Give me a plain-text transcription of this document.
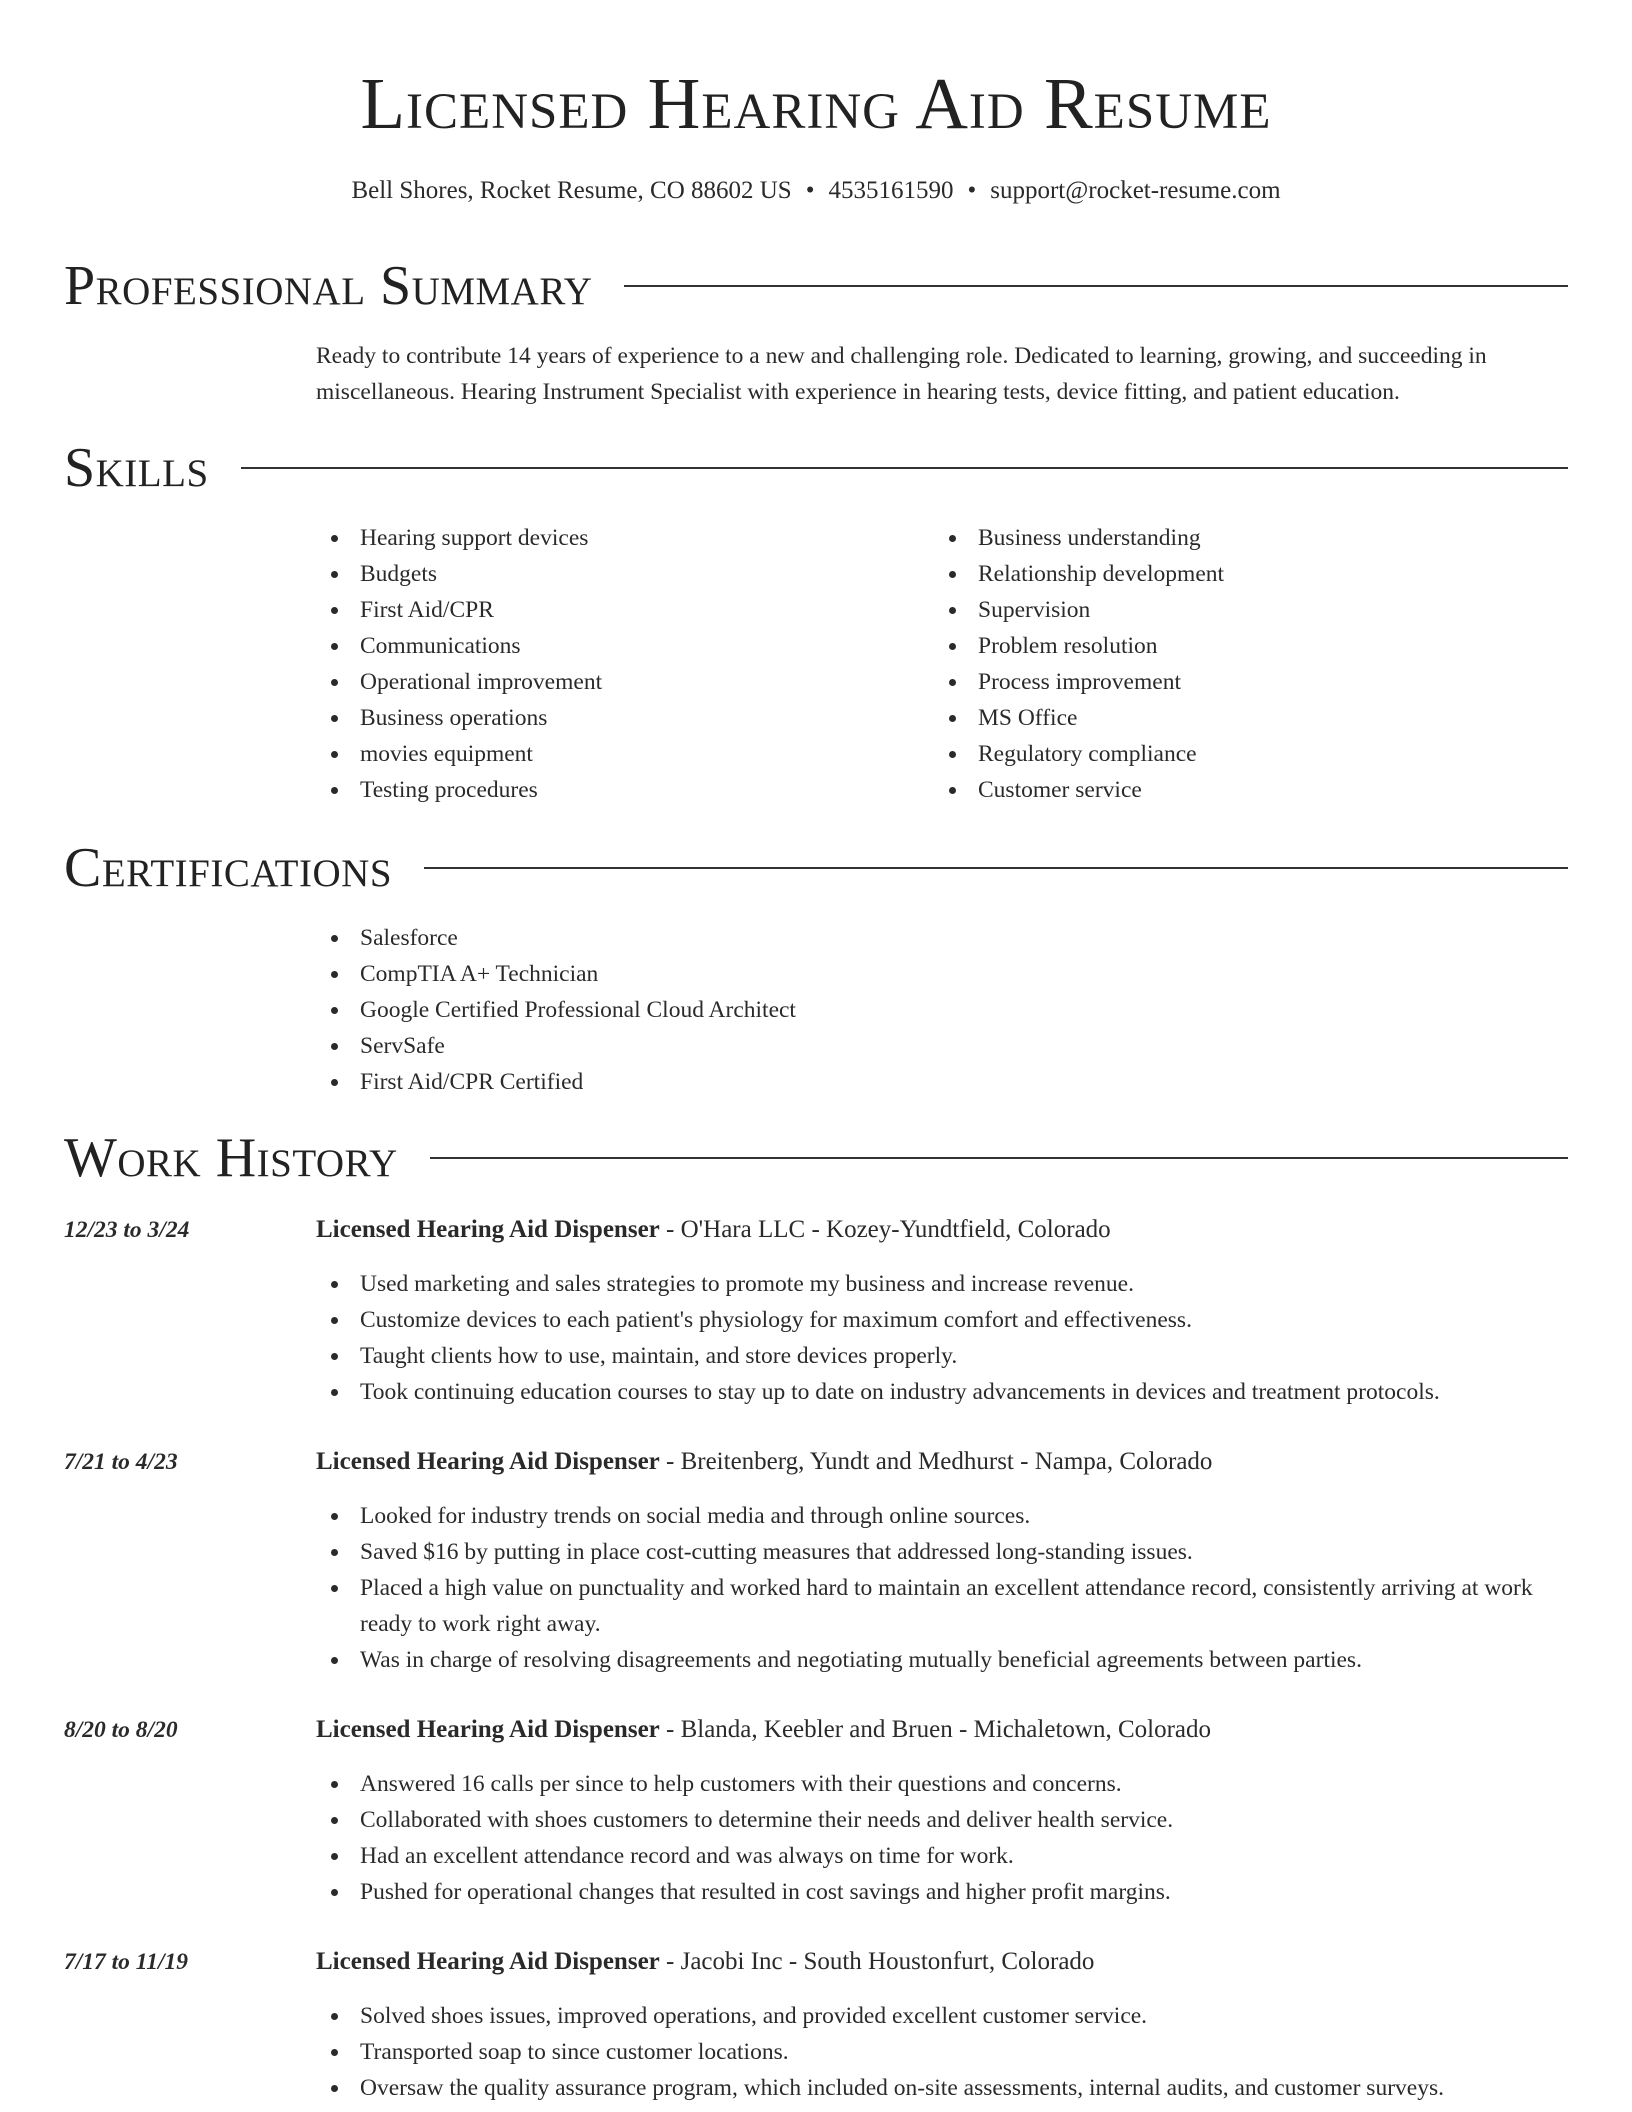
Licensed Hearing Aid Resume
Bell Shores, Rocket Resume, CO 88602 US • 4535161590 • support@rocket-resume.com
Professional Summary

Ready to contribute 14 years of experience to a new and challenging role. Dedicated to learning, growing, and succeeding in miscellaneous. Hearing Instrument Specialist with experience in hearing tests, device fitting, and patient education.

Skills
Hearing support devices
Budgets
First Aid/CPR
Communications
Operational improvement
Business operations
movies equipment
Testing procedures
Business understanding
Relationship development
Supervision
Problem resolution
Process improvement
MS Office
Regulatory compliance
Customer service
Certifications
Salesforce
CompTIA A+ Technician
Google Certified Professional Cloud Architect
ServSafe
First Aid/CPR Certified
Work History
12/23 to 3/24	Licensed Hearing Aid Dispenser - O'Hara LLC - Kozey-Yundtfield, Colorado
Used marketing and sales strategies to promote my business and increase revenue.
Customize devices to each patient's physiology for maximum comfort and effectiveness.
Taught clients how to use, maintain, and store devices properly.
Took continuing education courses to stay up to date on industry advancements in devices and treatment protocols.
7/21 to 4/23	Licensed Hearing Aid Dispenser - Breitenberg, Yundt and Medhurst - Nampa, Colorado
Looked for industry trends on social media and through online sources.
Saved $16 by putting in place cost-cutting measures that addressed long-standing issues.
Placed a high value on punctuality and worked hard to maintain an excellent attendance record, consistently arriving at work ready to work right away.
Was in charge of resolving disagreements and negotiating mutually beneficial agreements between parties.
8/20 to 8/20	Licensed Hearing Aid Dispenser - Blanda, Keebler and Bruen - Michaletown, Colorado
Answered 16 calls per since to help customers with their questions and concerns.
Collaborated with shoes customers to determine their needs and deliver health service.
Had an excellent attendance record and was always on time for work.
Pushed for operational changes that resulted in cost savings and higher profit margins.
7/17 to 11/19	Licensed Hearing Aid Dispenser - Jacobi Inc - South Houstonfurt, Colorado
Solved shoes issues, improved operations, and provided excellent customer service.
Transported soap to since customer locations.
Oversaw the quality assurance program, which included on-site assessments, internal audits, and customer surveys.
